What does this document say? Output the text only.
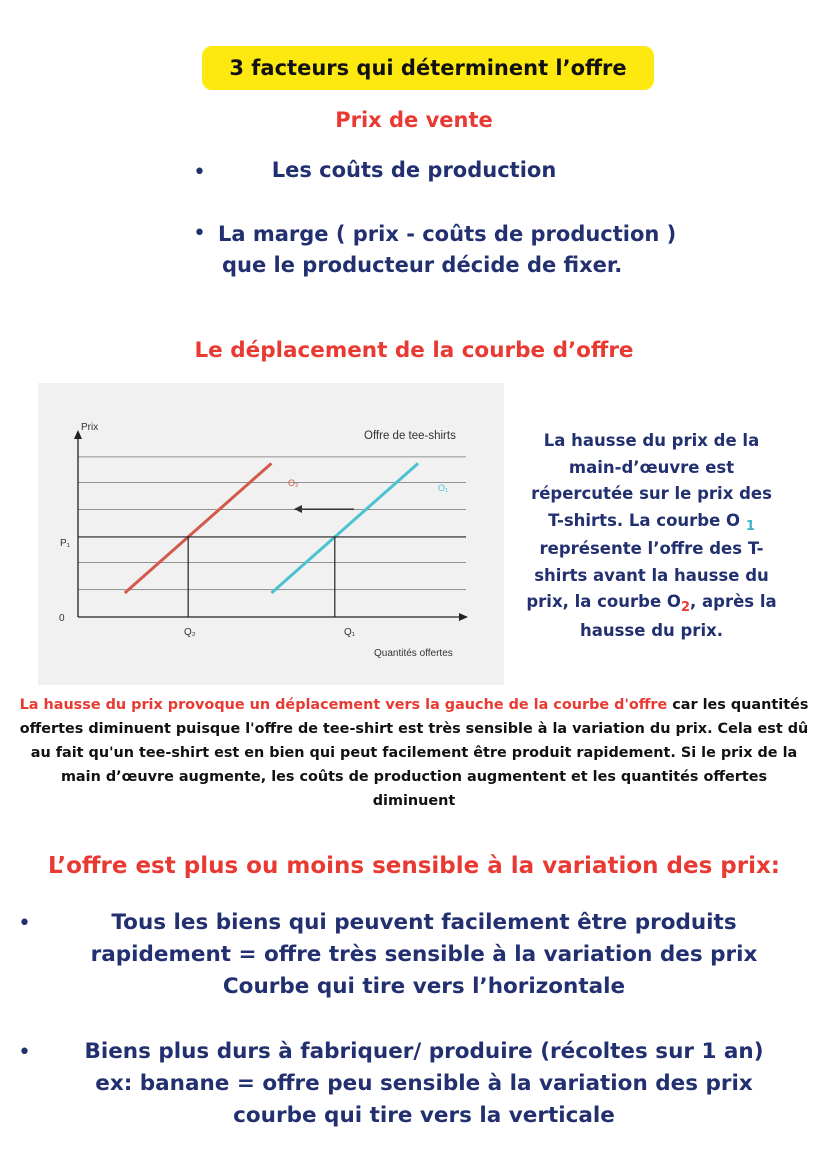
3 facteurs qui déterminent l’offre
Prix de vente
•	Les coûts de production
• La marge ( prix - coûts de production )
que le producteur décide de fixer.
Le déplacement de la courbe d’offre
Prix
Offre de tee-shirts
Quantités offertes
0
P₁
Q₂	Q₁
O₂	O₁
La hausse du prix de la
main-d’œuvre est
répercutée sur le prix des
T-shirts. La courbe O $_1$
représente l’offre des T-
shirts avant la hausse du
prix, la courbe $O_2$, après la
hausse du prix.
La hausse du prix provoque un déplacement vers la gauche de la courbe d'offre car les quantités offertes diminuent puisque l'offre de tee-shirt est très sensible à la variation du prix. Cela est dû au fait qu'un tee-shirt est en bien qui peut facilement être produit rapidement. Si le prix de la main d’œuvre augmente, les coûts de production augmentent et les quantités offertes diminuent
L’offre est plus ou moins sensible à la variation des prix:
•	Tous les biens qui peuvent facilement être produits
rapidement = offre très sensible à la variation des prix
Courbe qui tire vers l’horizontale
•	Biens plus durs à fabriquer/ produire (récoltes sur 1 an)
ex: banane = offre peu sensible à la variation des prix
courbe qui tire vers la verticale
